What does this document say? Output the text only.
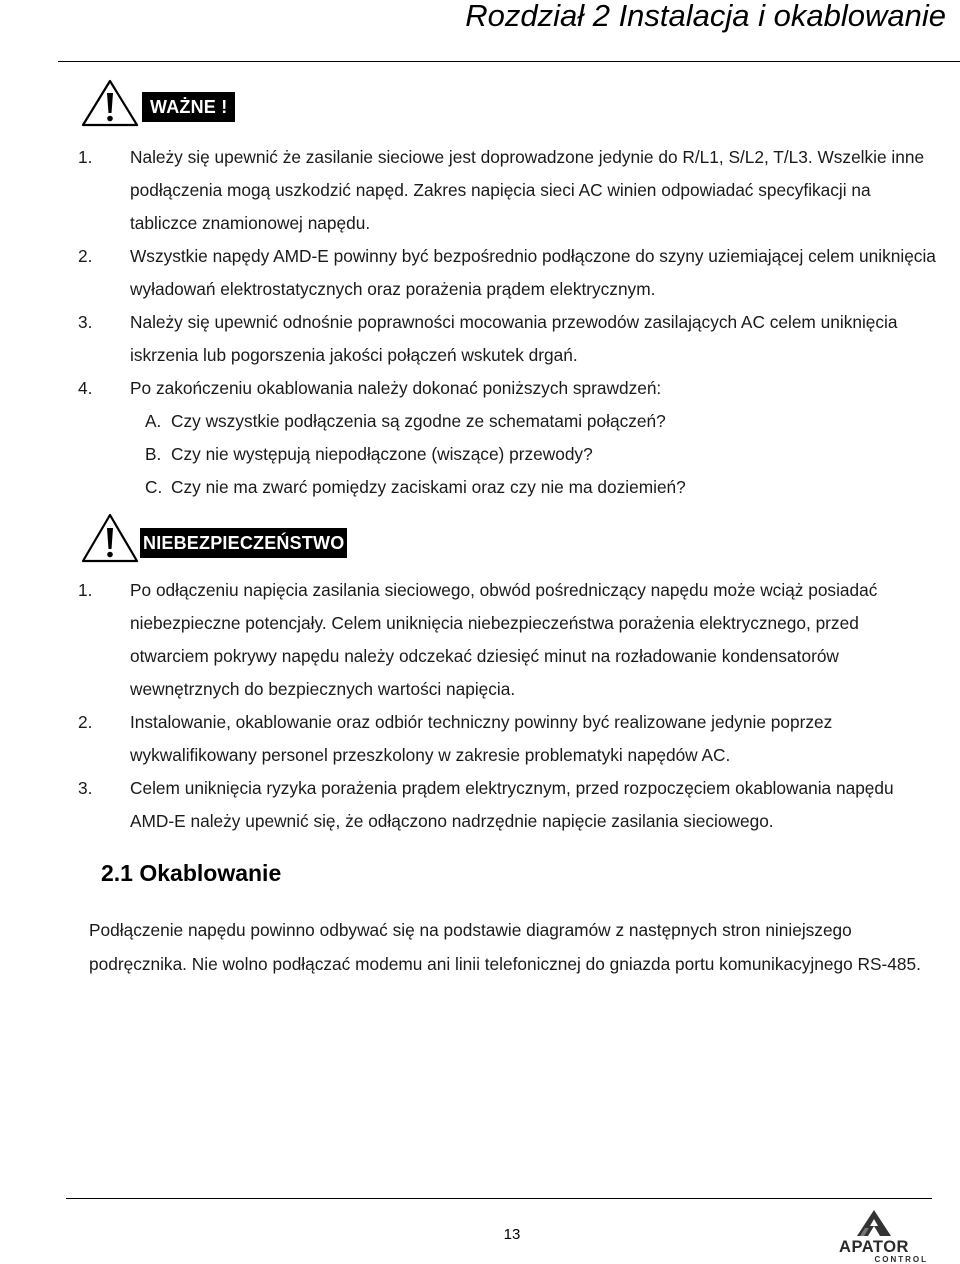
Rozdział 2 Instalacja i okablowanie
WAŻNE !
1. Należy się upewnić że zasilanie sieciowe jest doprowadzone jedynie do R/L1, S/L2, T/L3. Wszelkie inne podłączenia mogą uszkodzić napęd. Zakres napięcia sieci AC winien odpowiadać specyfikacji na tabliczce znamionowej napędu.
2. Wszystkie napędy AMD-E powinny być bezpośrednio podłączone do szyny uziemiającej celem uniknięcia wyładowań elektrostatycznych oraz porażenia prądem elektrycznym.
3. Należy się upewnić odnośnie poprawności mocowania przewodów zasilających AC celem uniknięcia iskrzenia lub pogorszenia jakości połączeń wskutek drgań.
4. Po zakończeniu okablowania należy dokonać poniższych sprawdzeń:
A. Czy wszystkie podłączenia są zgodne ze schematami połączeń?
B. Czy nie występują niepodłączone (wiszące) przewody?
C. Czy nie ma zwarć pomiędzy zaciskami oraz czy nie ma doziemień?
NIEBEZPIECZEŃSTWO
1. Po odłączeniu napięcia zasilania sieciowego, obwód pośredniczący napędu może wciąż posiadać niebezpieczne potencjały. Celem uniknięcia niebezpieczeństwa porażenia elektrycznego, przed otwarciem pokrywy napędu należy odczekać dziesięć minut na rozładowanie kondensatorów wewnętrznych do bezpiecznych wartości napięcia.
2. Instalowanie, okablowanie oraz odbiór techniczny powinny być realizowane jedynie poprzez wykwalifikowany personel przeszkolony w zakresie problematyki napędów AC.
3. Celem uniknięcia ryzyka porażenia prądem elektrycznym, przed rozpoczęciem okablowania napędu AMD-E należy upewnić się, że odłączono nadrzędnie napięcie zasilania sieciowego.
2.1 Okablowanie
Podłączenie napędu powinno odbywać się na podstawie diagramów z następnych stron niniejszego podręcznika. Nie wolno podłączać modemu ani linii telefonicznej do gniazda portu komunikacyjnego RS-485.
13
APATOR
CONTROL
